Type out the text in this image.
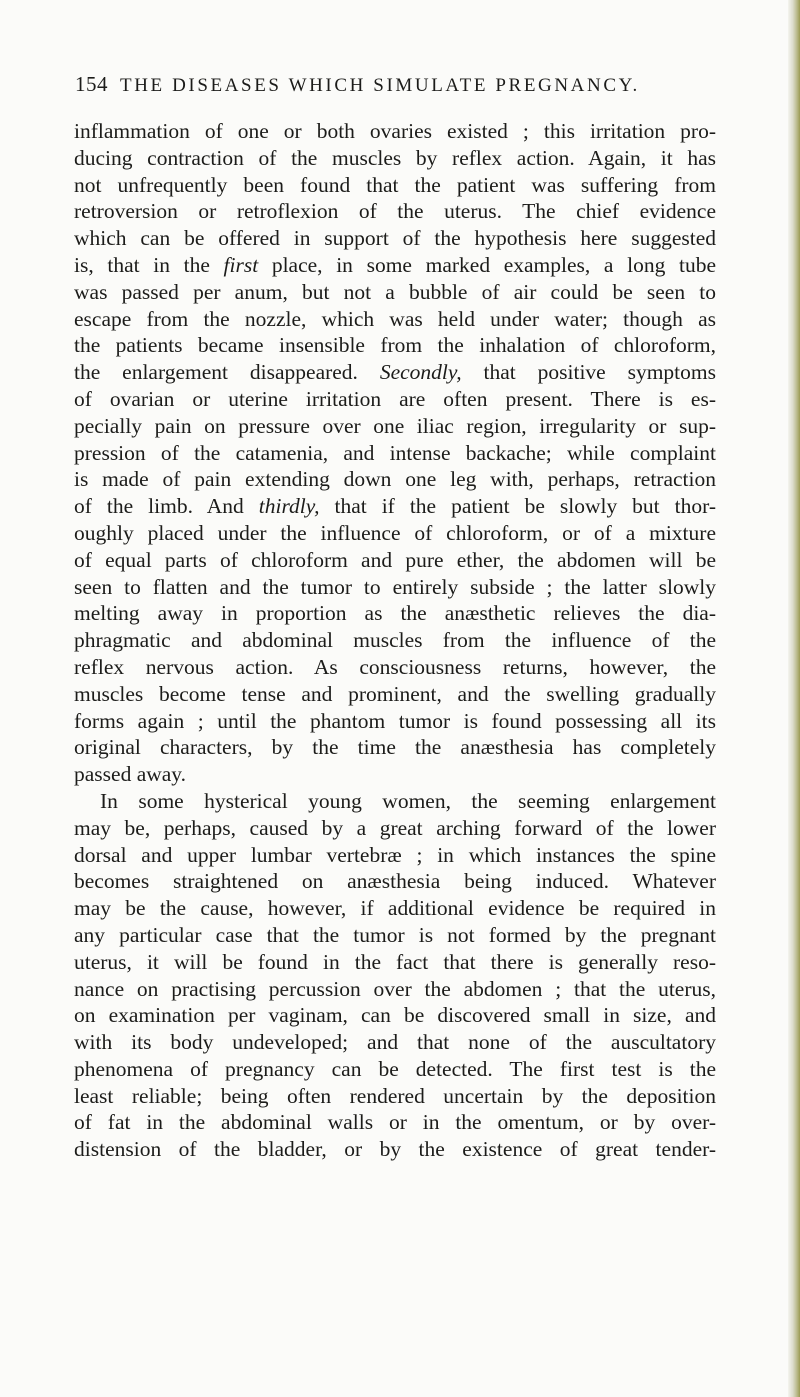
154 THE DISEASES WHICH SIMULATE PREGNANCY.
inflammation of one or both ovaries existed ; this irritation pro-
ducing contraction of the muscles by reflex action. Again, it has
not unfrequently been found that the patient was suffering from
retroversion or retroflexion of the uterus. The chief evidence
which can be offered in support of the hypothesis here suggested
is, that in the first place, in some marked examples, a long tube
was passed per anum, but not a bubble of air could be seen to
escape from the nozzle, which was held under water; though as
the patients became insensible from the inhalation of chloroform,
the enlargement disappeared. Secondly, that positive symptoms
of ovarian or uterine irritation are often present. There is es-
pecially pain on pressure over one iliac region, irregularity or sup-
pression of the catamenia, and intense backache; while complaint
is made of pain extending down one leg with, perhaps, retraction
of the limb. And thirdly, that if the patient be slowly but thor-
oughly placed under the influence of chloroform, or of a mixture
of equal parts of chloroform and pure ether, the abdomen will be
seen to flatten and the tumor to entirely subside ; the latter slowly
melting away in proportion as the anæsthetic relieves the dia-
phragmatic and abdominal muscles from the influence of the
reflex nervous action. As consciousness returns, however, the
muscles become tense and prominent, and the swelling gradually
forms again ; until the phantom tumor is found possessing all its
original characters, by the time the anæsthesia has completely
passed away.
In some hysterical young women, the seeming enlargement
may be, perhaps, caused by a great arching forward of the lower
dorsal and upper lumbar vertebræ ; in which instances the spine
becomes straightened on anæsthesia being induced. Whatever
may be the cause, however, if additional evidence be required in
any particular case that the tumor is not formed by the pregnant
uterus, it will be found in the fact that there is generally reso-
nance on practising percussion over the abdomen ; that the uterus,
on examination per vaginam, can be discovered small in size, and
with its body undeveloped; and that none of the auscultatory
phenomena of pregnancy can be detected. The first test is the
least reliable; being often rendered uncertain by the deposition
of fat in the abdominal walls or in the omentum, or by over-
distension of the bladder, or by the existence of great tender-
